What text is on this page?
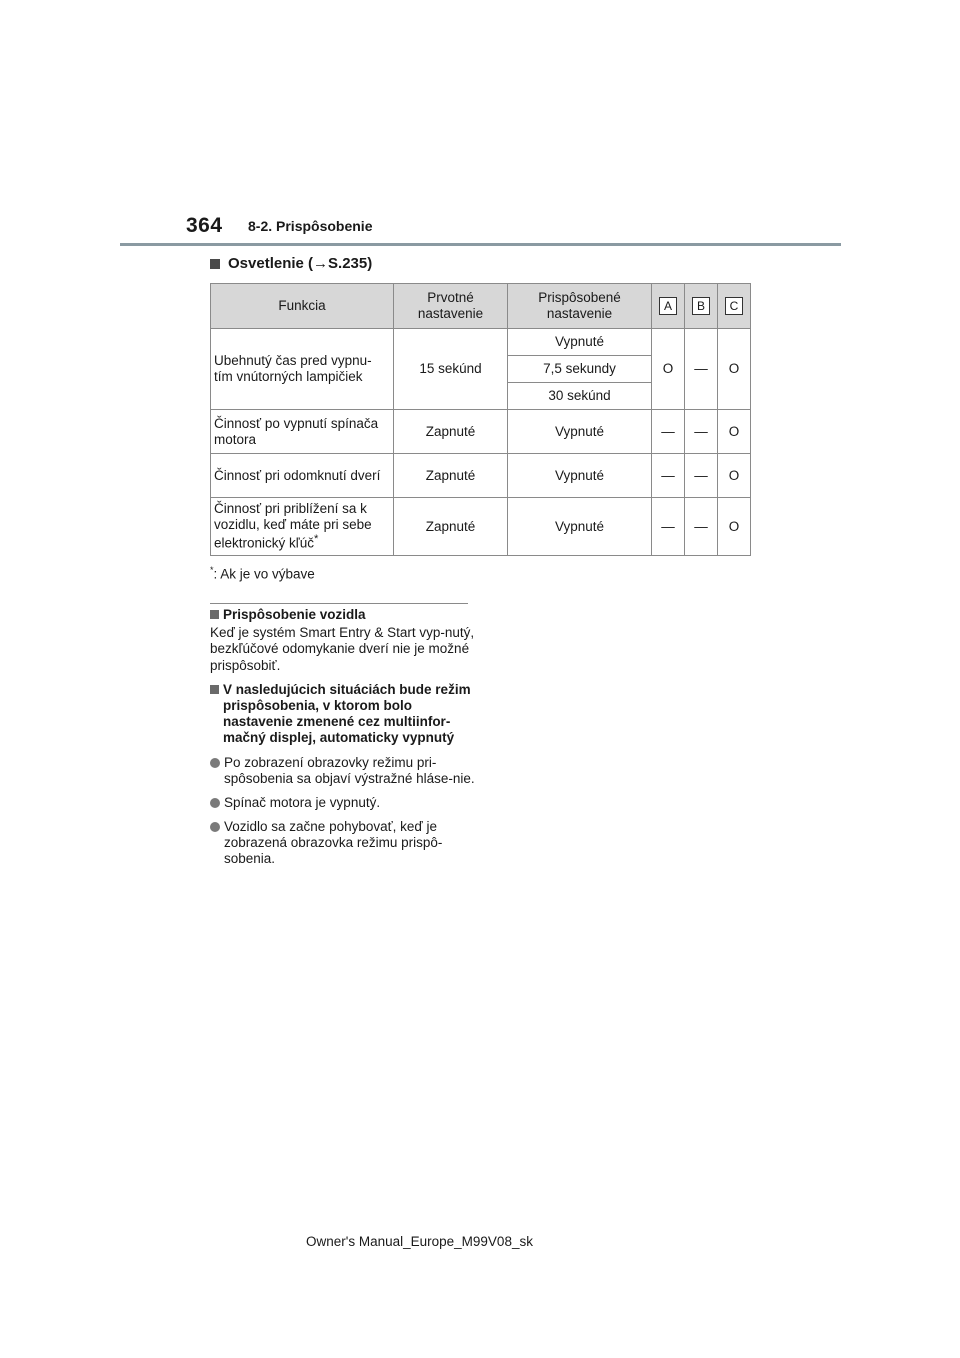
364 8-2. Prispôsobenie
Osvetlenie (→S.235)
Funkcia	Prvotné nastavenie	Prispôsobené nastavenie	A	B	C
Ubehnutý čas pred vypnu-tím vnútorných lampičiek	15 sekúnd	Vypnuté	O	—	O
		7,5 sekundy			
		30 sekúnd			
Činnosť po vypnutí spínača motora	Zapnuté	Vypnuté	—	—	O
Činnosť pri odomknutí dverí	Zapnuté	Vypnuté	—	—	O
Činnosť pri priblížení sa k vozidlu, keď máte pri sebe elektronický kľúč*	Zapnuté	Vypnuté	—	—	O
*: Ak je vo výbave
Prispôsobenie vozidla
Keď je systém Smart Entry & Start vyp-nutý, bezkľúčové odomykanie dverí nie je možné prispôsobiť.
V nasledujúcich situáciách bude režim prispôsobenia, v ktorom bolo nastavenie zmenené cez multiinfor-mačný displej, automaticky vypnutý
Po zobrazení obrazovky režimu pri-spôsobenia sa objaví výstražné hláse-nie.
Spínač motora je vypnutý.
Vozidlo sa začne pohybovať, keď je zobrazená obrazovka režimu prispô-sobenia.
Owner's Manual_Europe_M99V08_sk
